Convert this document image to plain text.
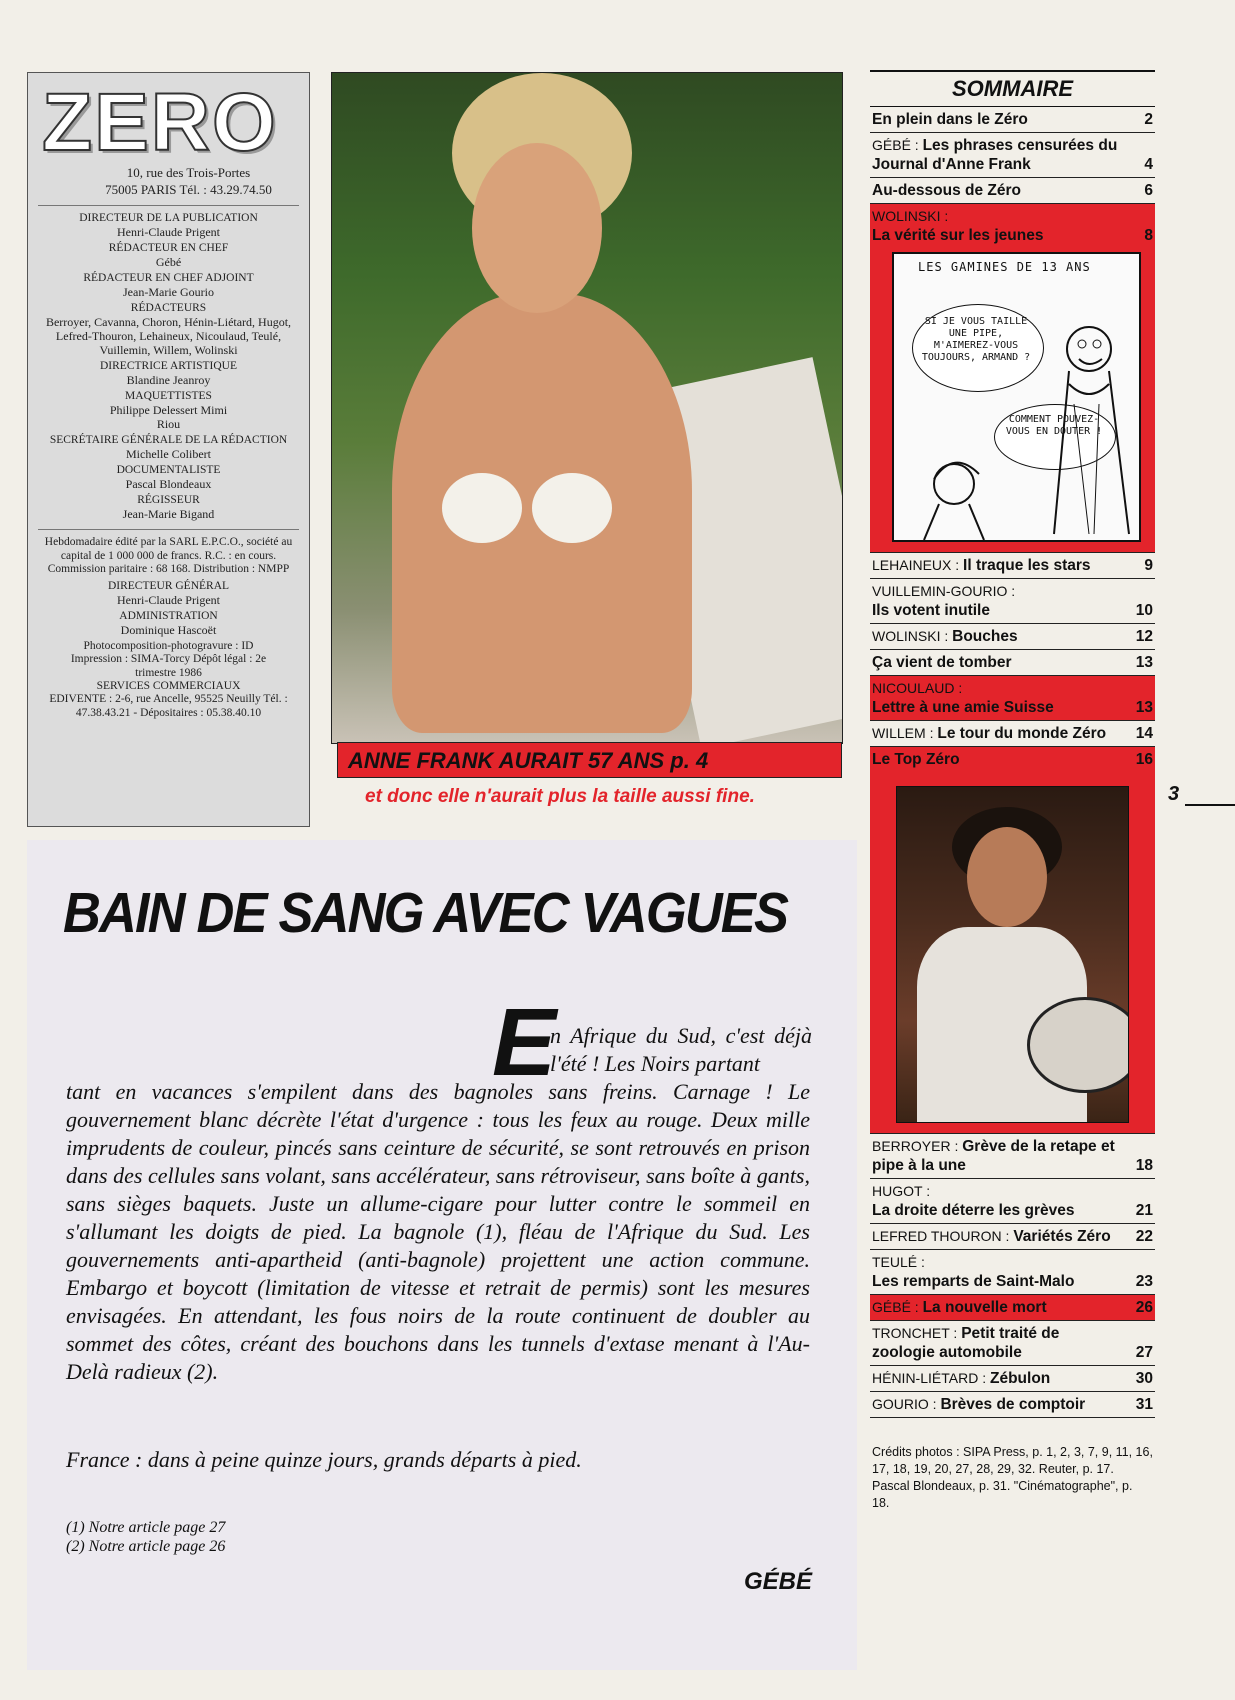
ZERO
10, rue des Trois-Portes
75005 PARIS Tél. : 43.29.74.50
DIRECTEUR DE LA PUBLICATION
Henri-Claude Prigent
RÉDACTEUR EN CHEF
Gébé
RÉDACTEUR EN CHEF ADJOINT
Jean-Marie Gourio
RÉDACTEURS
Berroyer, Cavanna, Choron, Hénin-Liétard, Hugot, Lefred-Thouron, Lehaineux, Nicoulaud, Teulé, Vuillemin, Willem, Wolinski
DIRECTRICE ARTISTIQUE
Blandine Jeanroy
MAQUETTISTES
Philippe Delessert Mimi Riou
SECRÉTAIRE GÉNÉRALE DE LA RÉDACTION
Michelle Colibert
DOCUMENTALISTE
Pascal Blondeaux
RÉGISSEUR
Jean-Marie Bigand
Hebdomadaire édité par la SARL E.P.C.O., société au capital de 1 000 000 de francs. R.C. : en cours. Commission paritaire : 68 168. Distribution : NMPP
DIRECTEUR GÉNÉRAL
Henri-Claude Prigent
ADMINISTRATION
Dominique Hascoët
Photocomposition-photogravure : ID Impression : SIMA-Torcy Dépôt légal : 2e trimestre 1986
SERVICES COMMERCIAUX
EDIVENTE : 2-6, rue Ancelle, 95525 Neuilly Tél. : 47.38.43.21 - Dépositaires : 05.38.40.10
ANNE FRANK AURAIT 57 ANS p. 4
et donc elle n'aurait plus la taille aussi fine.
SOMMAIRE
En plein dans le Zéro	2
GÉBÉ : Les phrases censurées du Journal d'Anne Frank	4
Au-dessous de Zéro	6
WOLINSKI :
La vérité sur les jeunes	8
LES GAMINES DE 13 ANS
SI JE VOUS TAILLE UNE PIPE, M'AIMEREZ-VOUS TOUJOURS, ARMAND ?
COMMENT POUVEZ-VOUS EN DOUTER !
LEHAINEUX : Il traque les stars	9
VUILLEMIN-GOURIO :
Ils votent inutile	10
WOLINSKI : Bouches	12
Ça vient de tomber	13
NICOULAUD :
Lettre à une amie Suisse	13
WILLEM : Le tour du monde Zéro 14
Le Top Zéro	16
BERROYER : Grève de la retape et pipe à la une	18
HUGOT :
La droite déterre les grèves	21
LEFRED THOURON : Variétés Zéro 22
TEULÉ :
Les remparts de Saint-Malo	23
GÉBÉ : La nouvelle mort	26
TRONCHET : Petit traité de zoologie automobile	27
HÉNIN-LIÉTARD : Zébulon	30
GOURIO : Brèves de comptoir	31
Crédits photos : SIPA Press, p. 1, 2, 3, 7, 9, 11, 16, 17, 18, 19, 20, 27, 28, 29, 32. Reuter, p. 17. Pascal Blondeaux, p. 31. "Cinématographe", p. 18.
3
BAIN DE SANG AVEC VAGUES
E
n Afrique du Sud, c'est déjà l'été ! Les Noirs partant
tant en vacances s'empilent dans des bagnoles sans freins. Carnage ! Le gouvernement blanc décrète l'état d'urgence : tous les feux au rouge. Deux mille imprudents de couleur, pincés sans ceinture de sécurité, se sont retrouvés en prison dans des cellules sans volant, sans accélérateur, sans rétroviseur, sans boîte à gants, sans sièges baquets. Juste un allume-cigare pour lutter contre le sommeil en s'allumant les doigts de pied. La bagnole (1), fléau de l'Afrique du Sud. Les gouvernements anti-apartheid (anti-bagnole) projettent une action commune. Embargo et boycott (limitation de vitesse et retrait de permis) sont les mesures envisagées. En attendant, les fous noirs de la route continuent de doubler au sommet des côtes, créant des bouchons dans les tunnels d'extase menant à l'Au-Delà radieux (2).
France : dans à peine quinze jours, grands départs à pied.
(1) Notre article page 27
(2) Notre article page 26
GÉBÉ
